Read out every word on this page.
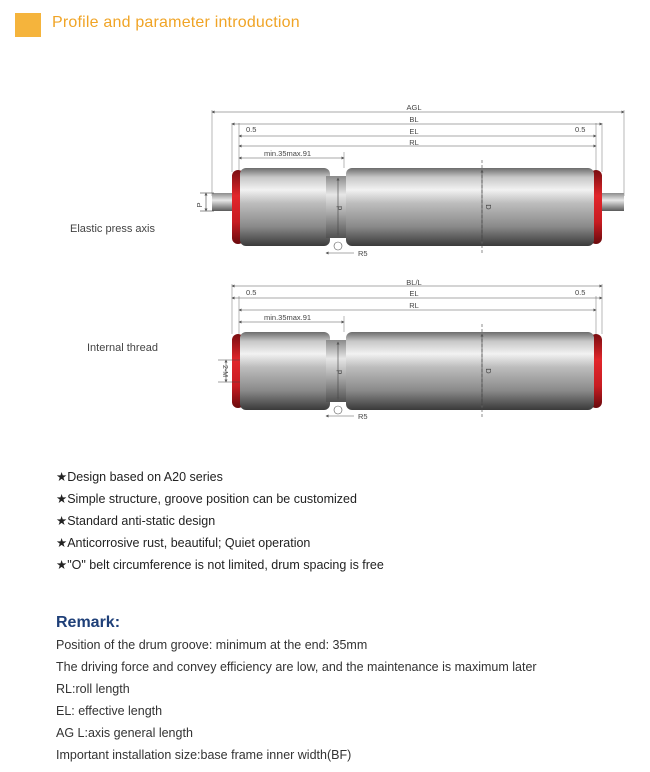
Profile and parameter introduction
AGL
BL
EL
RL
0.5	0.5
min.35max.91
d	D
P
R5
BL/L
EL
RL
0.5	0.5
min.35max.91
d	D
2-M
R5
Elastic press axis
Internal thread
★Design based on A20 series
★Simple structure, groove position can be customized
★Standard anti-static design
★Anticorrosive rust, beautiful; Quiet operation
★"O" belt circumference is not limited, drum spacing is free
Remark:
Position of the drum groove: minimum at the end: 35mm
The driving force and convey efficiency are low, and the maintenance is maximum later
RL:roll length
EL: effective length
AG L:axis general length
Important installation size:base frame inner width(BF)
